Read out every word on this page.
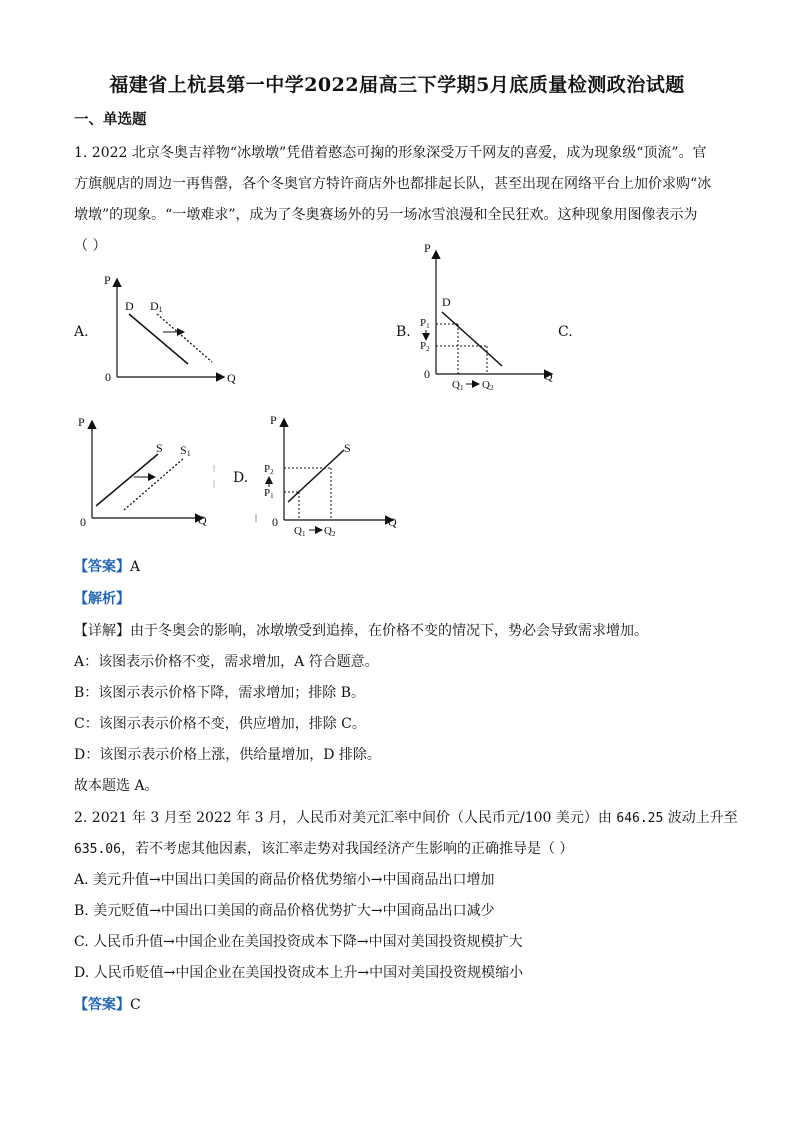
福建省上杭县第一中学2022届高三下学期5月底质量检测政治试题
一、单选题
1. 2022 北京冬奥吉祥物“冰墩墩”凭借着憨态可掬的形象深受万千网友的喜爱，成为现象级“顶流”。官
方旗舰店的周边一再售罄，各个冬奥官方特许商店外也都排起长队，甚至出现在网络平台上加价求购“冰
墩墩”的现象。“一墩难求”，成为了冬奥赛场外的另一场冰雪浪漫和全民狂欢。这种现象用图像表示为
（ ）
A.
P
Q
0
D D1
B.
P
Q
0
D
P1
P2
Q1 Q2
C.
P
Q
0
S S1
D.
P
Q
0
S
P2
P1
Q1 Q2
【答案】A
【解析】
【详解】由于冬奥会的影响，冰墩墩受到追捧，在价格不变的情况下，势必会导致需求增加。
A：该图表示价格不变，需求增加，A 符合题意。
B：该图示表示价格下降，需求增加；排除 B。
C：该图示表示价格不变，供应增加，排除 C。
D：该图示表示价格上涨，供给量增加，D 排除。
故本题选 A。
2. 2021 年 3 月至 2022 年 3 月，人民币对美元汇率中间价（人民币元/100 美元）由 646.25 波动上升至
635.06，若不考虑其他因素，该汇率走势对我国经济产生影响的正确推导是（ ）
A. 美元升值→中国出口美国的商品价格优势缩小→中国商品出口增加
B. 美元贬值→中国出口美国的商品价格优势扩大→中国商品出口减少
C. 人民币升值→中国企业在美国投资成本下降→中国对美国投资规模扩大
D. 人民币贬值→中国企业在美国投资成本上升→中国对美国投资规模缩小
【答案】C
